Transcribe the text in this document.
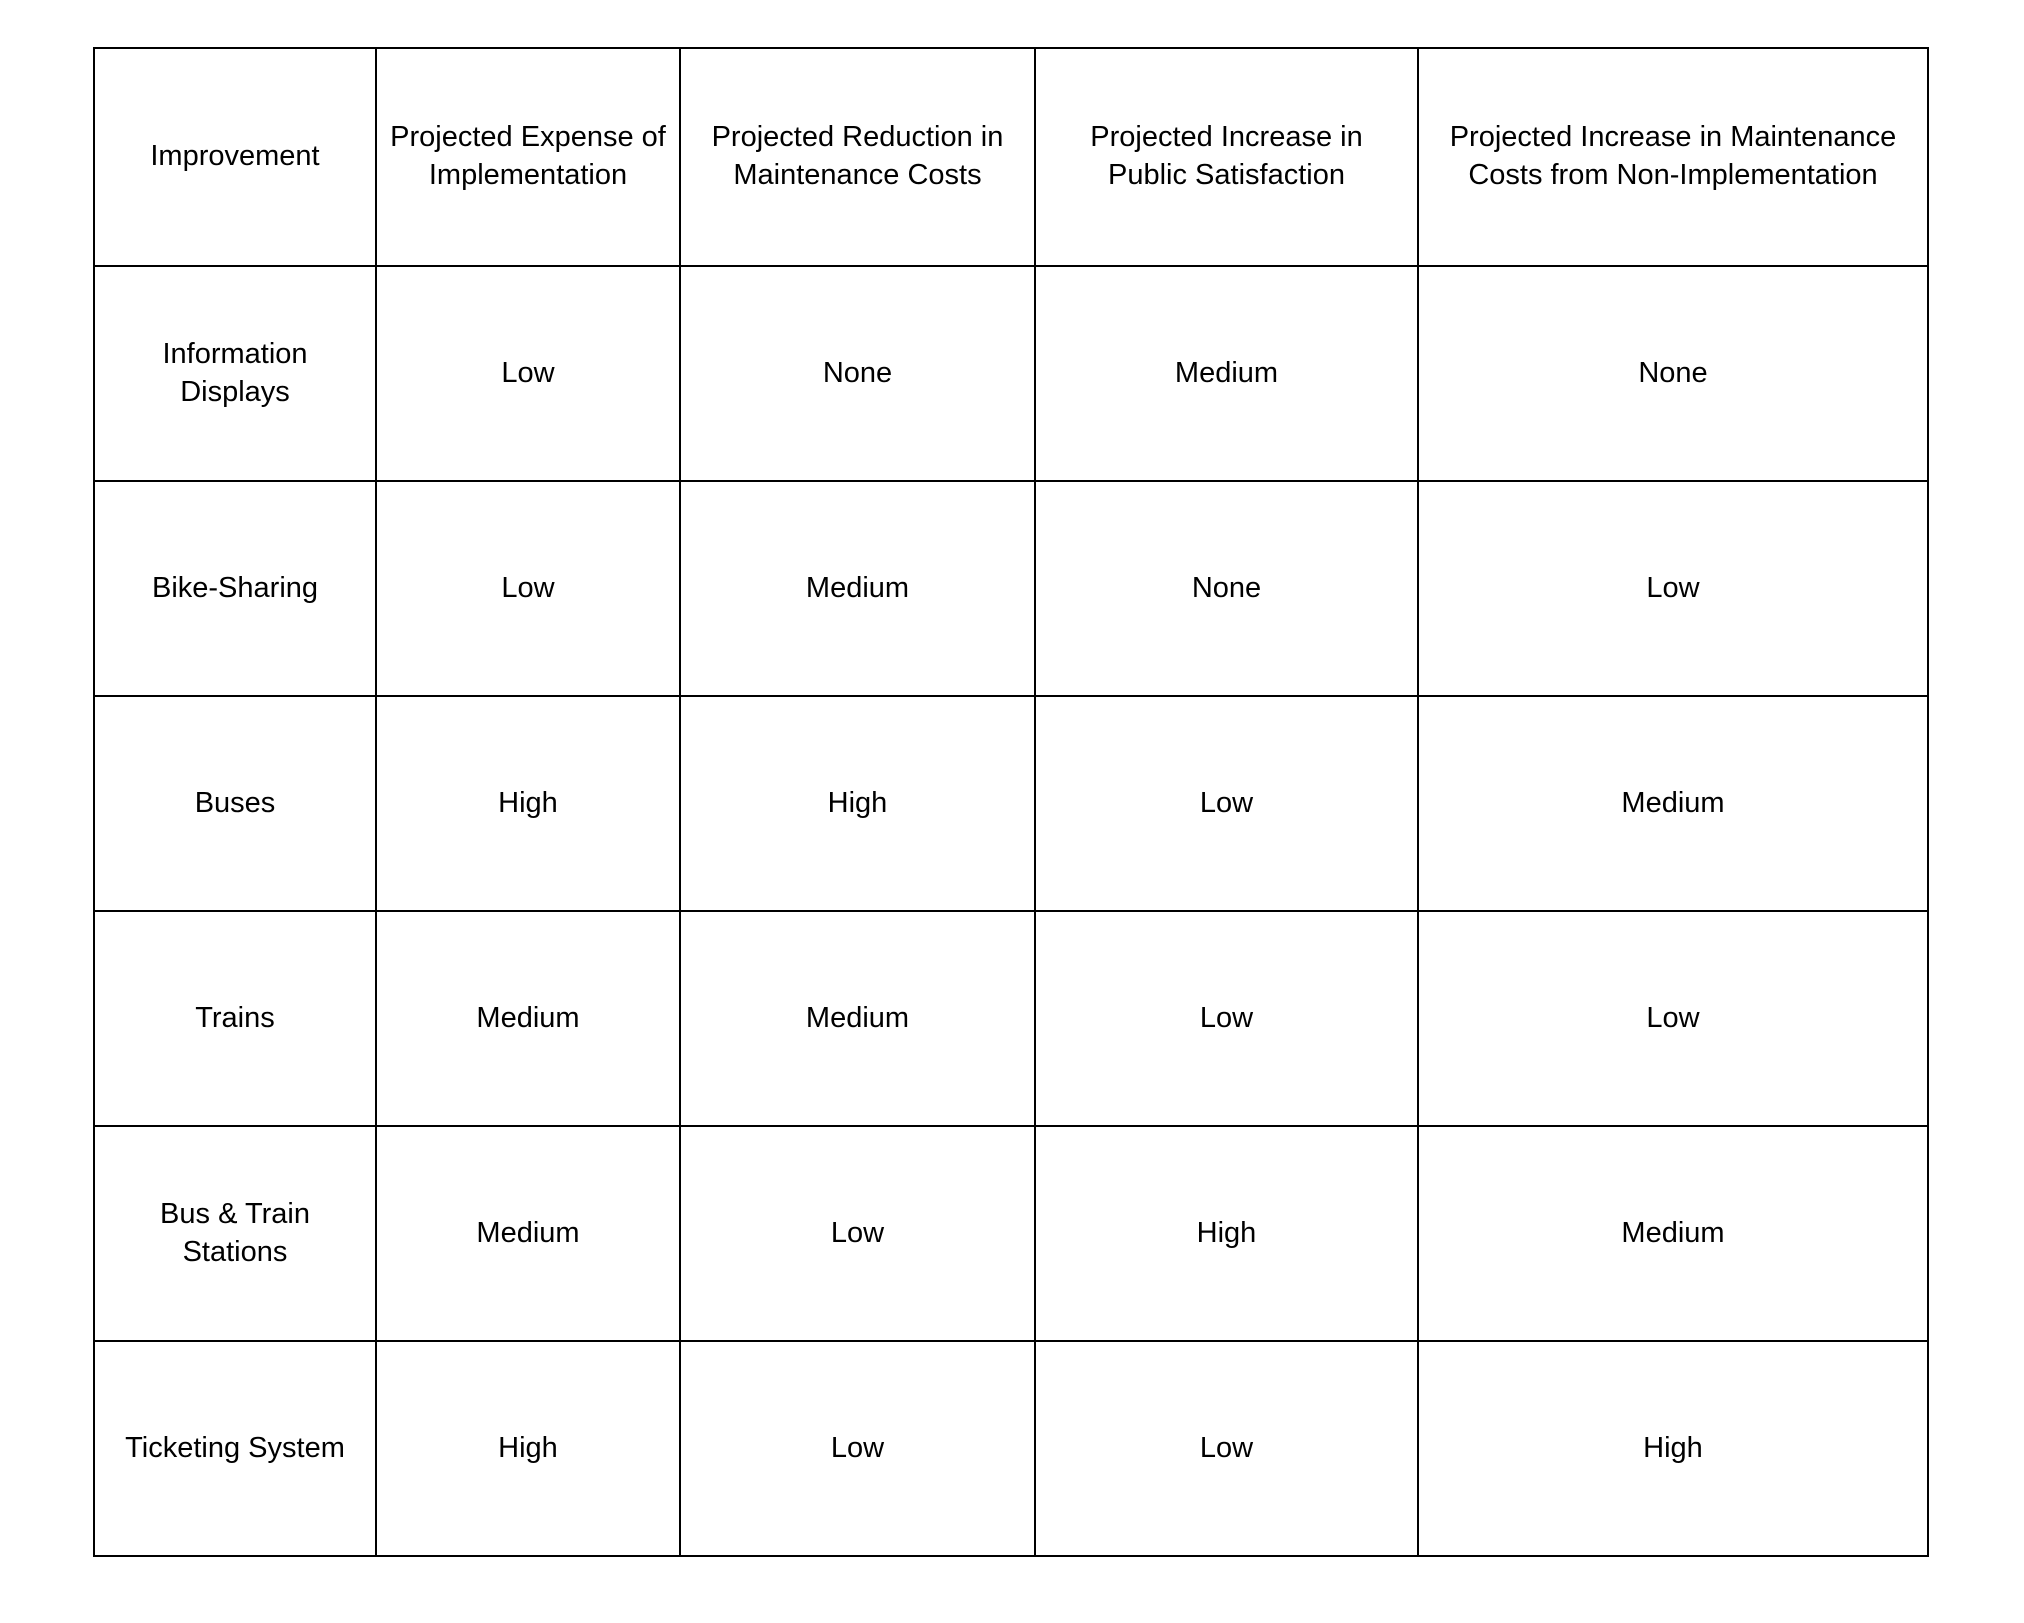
Improvement	Projected Expense of Implementation	Projected Reduction in Maintenance Costs	Projected Increase in Public Satisfaction	Projected Increase in Maintenance Costs from Non-Implementation
Information Displays	Low	None	Medium	None
Bike-Sharing	Low	Medium	None	Low
Buses	High	High	Low	Medium
Trains	Medium	Medium	Low	Low
Bus & Train Stations	Medium	Low	High	Medium
Ticketing System	High	Low	Low	High
